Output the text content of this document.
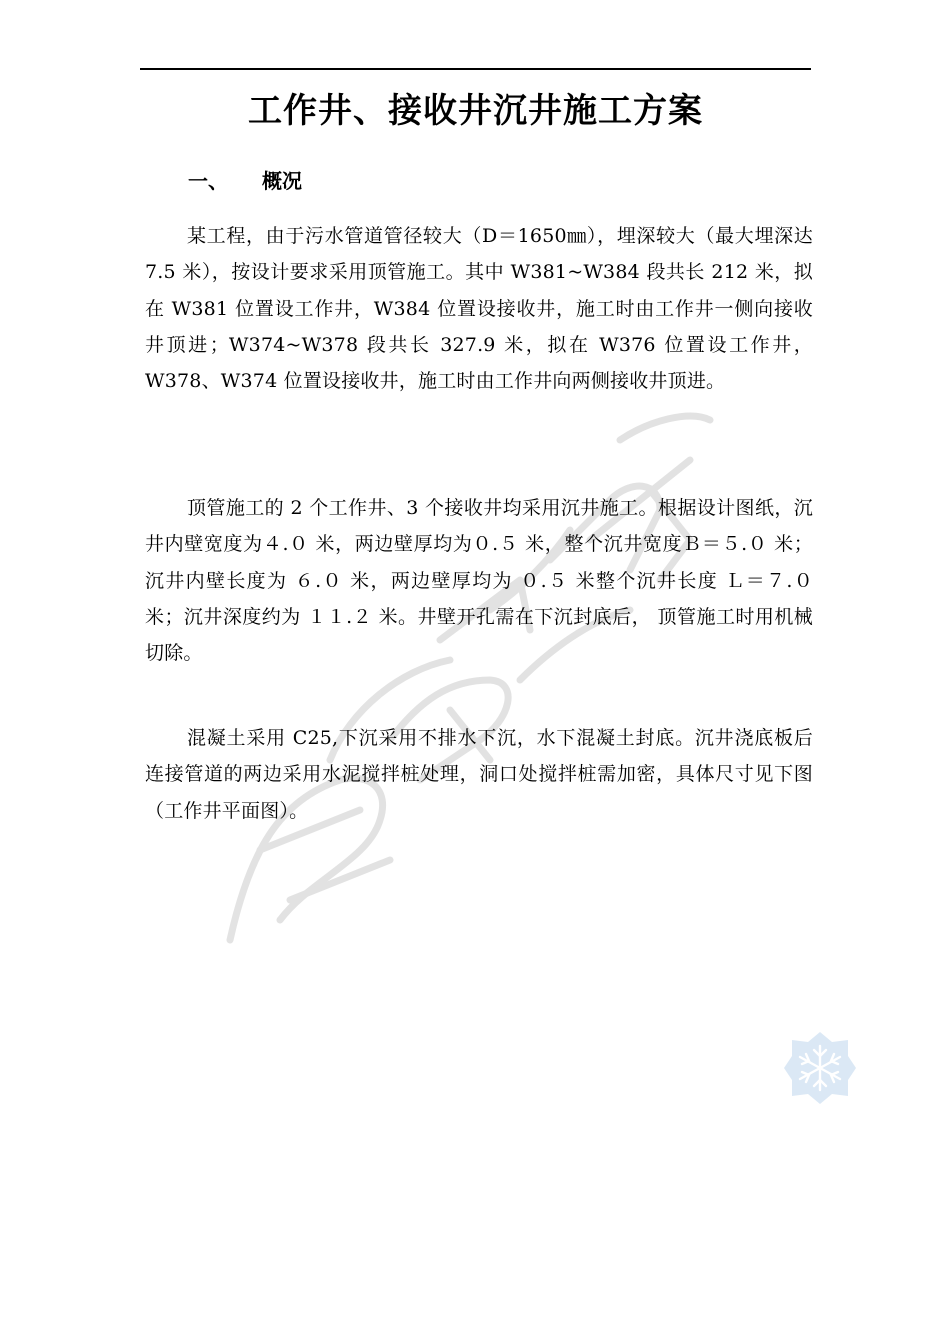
工作井、接收井沉井施工方案
一、 概况

某工程，由于污水管道管径较大（D＝1650㎜），埋深较大（最大埋深达 7.5 米），按设计要求采用顶管施工。其中 W381~W384 段共长 212 米，拟在 W381 位置设工作井，W384 位置设接收井，施工时由工作井一侧向接收井顶进；W374~W378 段共长 327.9 米，拟在 W376 位置设工作井，W378、W374 位置设接收井，施工时由工作井向两侧接收井顶进。

顶管施工的 2 个工作井、3 个接收井均采用沉井施工。根据设计图纸，沉井内壁宽度为４.０ 米，两边壁厚均为０.５ 米，整个沉井宽度Ｂ＝５.０ 米；沉井内壁长度为 ６.０ 米，两边壁厚均为 ０.５ 米整个沉井长度 Ｌ＝７.０ 米；沉井深度约为 １１.２ 米。井壁开孔需在下沉封底后， 顶管施工时用机械切除。

混凝土采用 C25,下沉采用不排水下沉，水下混凝土封底。沉井浇底板后连接管道的两边采用水泥搅拌桩处理，洞口处搅拌桩需加密，具体尺寸见下图（工作井平面图）。
